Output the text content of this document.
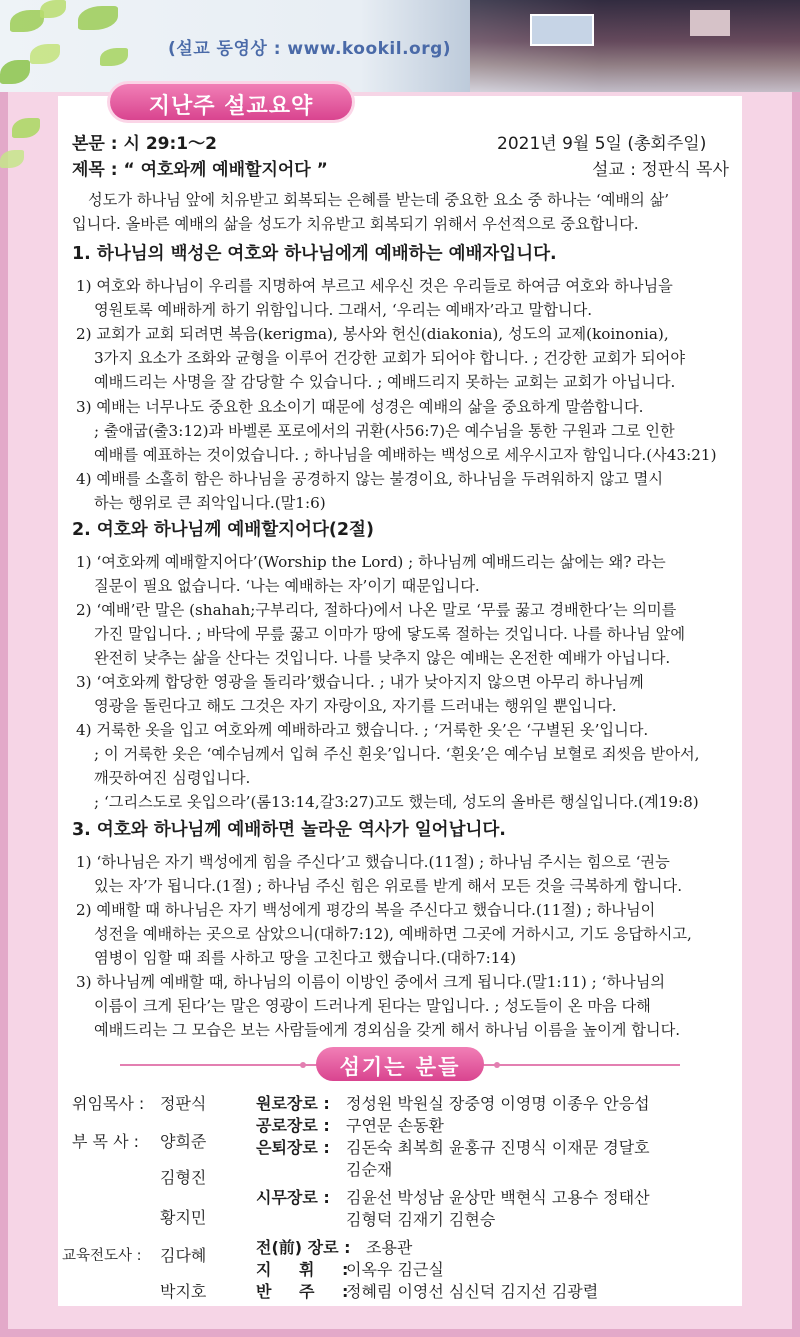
(설교 동영상 : www.kookil.org)
지난주 설교요약
본문 : 시 29:1～2	2021년 9월 5일 (총회주일)
제목 : “ 여호와께 예배할지어다 ”	설교 : 정판식 목사
성도가 하나님 앞에 치유받고 회복되는 은혜를 받는데 중요한 요소 중 하나는 ‘예배의 삶’
입니다. 올바른 예배의 삶을 성도가 치유받고 회복되기 위해서 우선적으로 중요합니다.
1. 하나님의 백성은 여호와 하나님에게 예배하는 예배자입니다.
1) 여호와 하나님이 우리를 지명하여 부르고 세우신 것은 우리들로 하여금 여호와 하나님을
영원토록 예배하게 하기 위함입니다. 그래서, ‘우리는 예배자’라고 말합니다.
2) 교회가 교회 되려면 복음(kerigma), 봉사와 헌신(diakonia), 성도의 교제(koinonia),
3가지 요소가 조화와 균형을 이루어 건강한 교회가 되어야 합니다. ; 건강한 교회가 되어야
예배드리는 사명을 잘 감당할 수 있습니다. ; 예배드리지 못하는 교회는 교회가 아닙니다.
3) 예배는 너무나도 중요한 요소이기 때문에 성경은 예배의 삶을 중요하게 말씀합니다.
; 출애굽(출3:12)과 바벨론 포로에서의 귀환(사56:7)은 예수님을 통한 구원과 그로 인한
예배를 예표하는 것이었습니다. ; 하나님을 예배하는 백성으로 세우시고자 함입니다.(사43:21)
4) 예배를 소홀히 함은 하나님을 공경하지 않는 불경이요, 하나님을 두려워하지 않고 멸시
하는 행위로 큰 죄악입니다.(말1:6)
2. 여호와 하나님께 예배할지어다(2절)
1) ‘여호와께 예배할지어다’(Worship the Lord) ; 하나님께 예배드리는 삶에는 왜? 라는
질문이 필요 없습니다. ‘나는 예배하는 자’이기 때문입니다.
2) ‘예배’란 말은 (shahah;구부리다, 절하다)에서 나온 말로 ‘무릎 꿇고 경배한다’는 의미를
가진 말입니다. ; 바닥에 무릎 꿇고 이마가 땅에 닿도록 절하는 것입니다. 나를 하나님 앞에
완전히 낮추는 삶을 산다는 것입니다. 나를 낮추지 않은 예배는 온전한 예배가 아닙니다.
3) ‘여호와께 합당한 영광을 돌리라’했습니다. ; 내가 낮아지지 않으면 아무리 하나님께
영광을 돌린다고 해도 그것은 자기 자랑이요, 자기를 드러내는 행위일 뿐입니다.
4) 거룩한 옷을 입고 여호와께 예배하라고 했습니다. ; ‘거룩한 옷’은 ‘구별된 옷’입니다.
; 이 거룩한 옷은 ‘예수님께서 입혀 주신 흰옷’입니다. ‘흰옷’은 예수님 보혈로 죄씻음 받아서,
깨끗하여진 심령입니다.
; ‘그리스도로 옷입으라’(롬13:14,갈3:27)고도 했는데, 성도의 올바른 행실입니다.(계19:8)
3. 여호와 하나님께 예배하면 놀라운 역사가 일어납니다.
1) ‘하나님은 자기 백성에게 힘을 주신다’고 했습니다.(11절) ; 하나님 주시는 힘으로 ‘권능
있는 자’가 됩니다.(1절) ; 하나님 주신 힘은 위로를 받게 해서 모든 것을 극복하게 합니다.
2) 예배할 때 하나님은 자기 백성에게 평강의 복을 주신다고 했습니다.(11절) ; 하나님이
성전을 예배하는 곳으로 삼았으니(대하7:12), 예배하면 그곳에 거하시고, 기도 응답하시고,
염병이 임할 때 죄를 사하고 땅을 고친다고 했습니다.(대하7:14)
3) 하나님께 예배할 때, 하나님의 이름이 이방인 중에서 크게 됩니다.(말1:11) ; ‘하나님의
이름이 크게 된다’는 말은 영광이 드러나게 된다는 말입니다. ; 성도들이 온 마음 다해
예배드리는 그 모습은 보는 사람들에게 경외심을 갖게 해서 하나님 이름을 높이게 합니다.
섬기는 분들
위임목사 : 정판식
부 목 사 : 양희준
김형진
황지민
교육전도사 : 김다혜
박지호
원로장로 : 정성원 박원실 장중영 이영명 이종우 안응섭
공로장로 : 구연문 손동환
은퇴장로 : 김돈숙 최복희 윤홍규 진명식 이재문 경달호
김순재
시무장로 : 김윤선 박성남 윤상만 백현식 고용수 정태산
김형덕 김재기 김현승
전(前) 장로 : 조용관
지 휘 :
이옥우 김근실
반 주 :
정혜림 이영선 심신덕 김지선 김광렬
